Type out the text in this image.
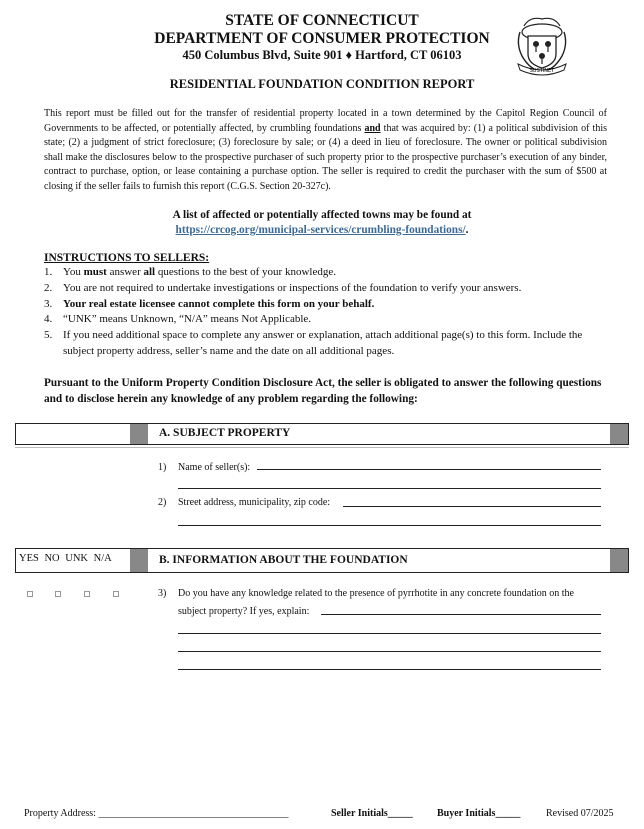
STATE OF CONNECTICUT
DEPARTMENT OF CONSUMER PROTECTION
450 Columbus Blvd, Suite 901 ♦ Hartford, CT 06103
SUSTINET
RESIDENTIAL FOUNDATION CONDITION REPORT
This report must be filled out for the transfer of residential property located in a town determined by the Capitol Region Council of Governments to be affected, or potentially affected, by crumbling foundations and that was acquired by: (1) a political subdivision of this state; (2) a judgment of strict foreclosure; (3) foreclosure by sale; or (4) a deed in lieu of foreclosure. The owner or political subdivision shall make the disclosures below to the prospective purchaser of such property prior to the prospective purchaser’s execution of any binder, contract to purchase, option, or lease containing a purchase option. The seller is required to credit the purchaser with the sum of $500 at closing if the seller fails to furnish this report (C.G.S. Section 20-327c).
A list of affected or potentially affected towns may be found at
https://crcog.org/municipal-services/crumbling-foundations/.
INSTRUCTIONS TO SELLERS:
1. You must answer all questions to the best of your knowledge.
2. You are not required to undertake investigations or inspections of the foundation to verify your answers.
3. Your real estate licensee cannot complete this form on your behalf.
4. “UNK” means Unknown, “N/A” means Not Applicable.
5. If you need additional space to complete any answer or explanation, attach additional page(s) to this form. Include the subject property address, seller’s name and the date on all additional pages.
Pursuant to the Uniform Property Condition Disclosure Act, the seller is obligated to answer the following questions and to disclose herein any knowledge of any problem regarding the following:
A. SUBJECT PROPERTY
1) Name of seller(s):
2) Street address, municipality, zip code:
YES NO UNK N/A	B. INFORMATION ABOUT THE FOUNDATION
3) Do you have any knowledge related to the presence of pyrrhotite in any concrete foundation on the
subject property? If yes, explain:
Property Address: ______________________________________	Seller Initials_____ Buyer Initials_____	Revised 07/2025
